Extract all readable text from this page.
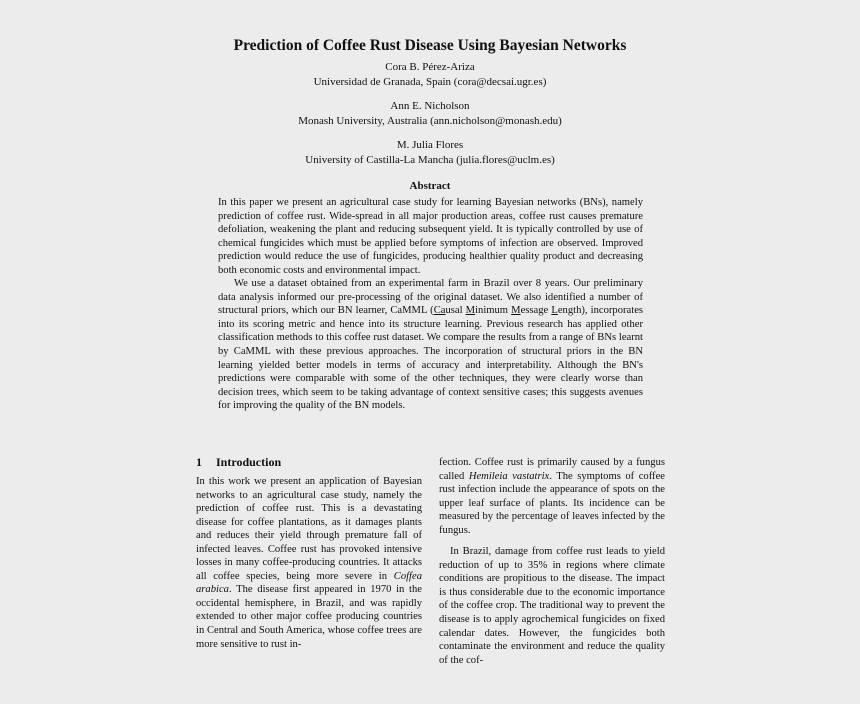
Prediction of Coffee Rust Disease Using Bayesian Networks
Cora B. Pérez-Ariza
Universidad de Granada, Spain (cora@decsai.ugr.es)
Ann E. Nicholson
Monash University, Australia (ann.nicholson@monash.edu)
M. Julia Flores
University of Castilla-La Mancha (julia.flores@uclm.es)
Abstract

In this paper we present an agricultural case study for learning Bayesian networks (BNs), namely prediction of coffee rust. Wide-spread in all major production areas, coffee rust causes premature defoliation, weakening the plant and reducing subsequent yield. It is typically controlled by use of chemical fungicides which must be applied before symptoms of infection are observed. Improved prediction would reduce the use of fungicides, producing healthier quality product and decreasing both economic costs and environmental impact.

We use a dataset obtained from an experimental farm in Brazil over 8 years. Our preliminary data analysis informed our pre-processing of the original dataset. We also identified a number of structural priors, which our BN learner, CaMML (Causal Minimum Message Length), incorporates into its scoring metric and hence into its structure learning. Previous research has applied other classification methods to this coffee rust dataset. We compare the results from a range of BNs learnt by CaMML with these previous approaches. The incorporation of structural priors in the BN learning yielded better models in terms of accuracy and interpretability. Although the BN's predictions were comparable with some of the other techniques, they were clearly worse than decision trees, which seem to be taking advantage of context sensitive cases; this suggests avenues for improving the quality of the BN models.

1 Introduction

In this work we present an application of Bayesian networks to an agricultural case study, namely the prediction of coffee rust. This is a devastating disease for coffee plantations, as it damages plants and reduces their yield through premature fall of infected leaves. Coffee rust has provoked intensive losses in many coffee-producing countries. It attacks all coffee species, being more severe in Coffea arabica. The disease first appeared in 1970 in the occidental hemisphere, in Brazil, and was rapidly extended to other major coffee producing countries in Central and South America, whose coffee trees are more sensitive to rust in-

fection. Coffee rust is primarily caused by a fungus called Hemileia vastatrix. The symptoms of coffee rust infection include the appearance of spots on the upper leaf surface of plants. Its incidence can be measured by the percentage of leaves infected by the fungus.

In Brazil, damage from coffee rust leads to yield reduction of up to 35% in regions where climate conditions are propitious to the disease. The impact is thus considerable due to the economic importance of the coffee crop. The traditional way to prevent the disease is to apply agrochemical fungicides on fixed calendar dates. However, the fungicides both contaminate the environment and reduce the quality of the cof-
